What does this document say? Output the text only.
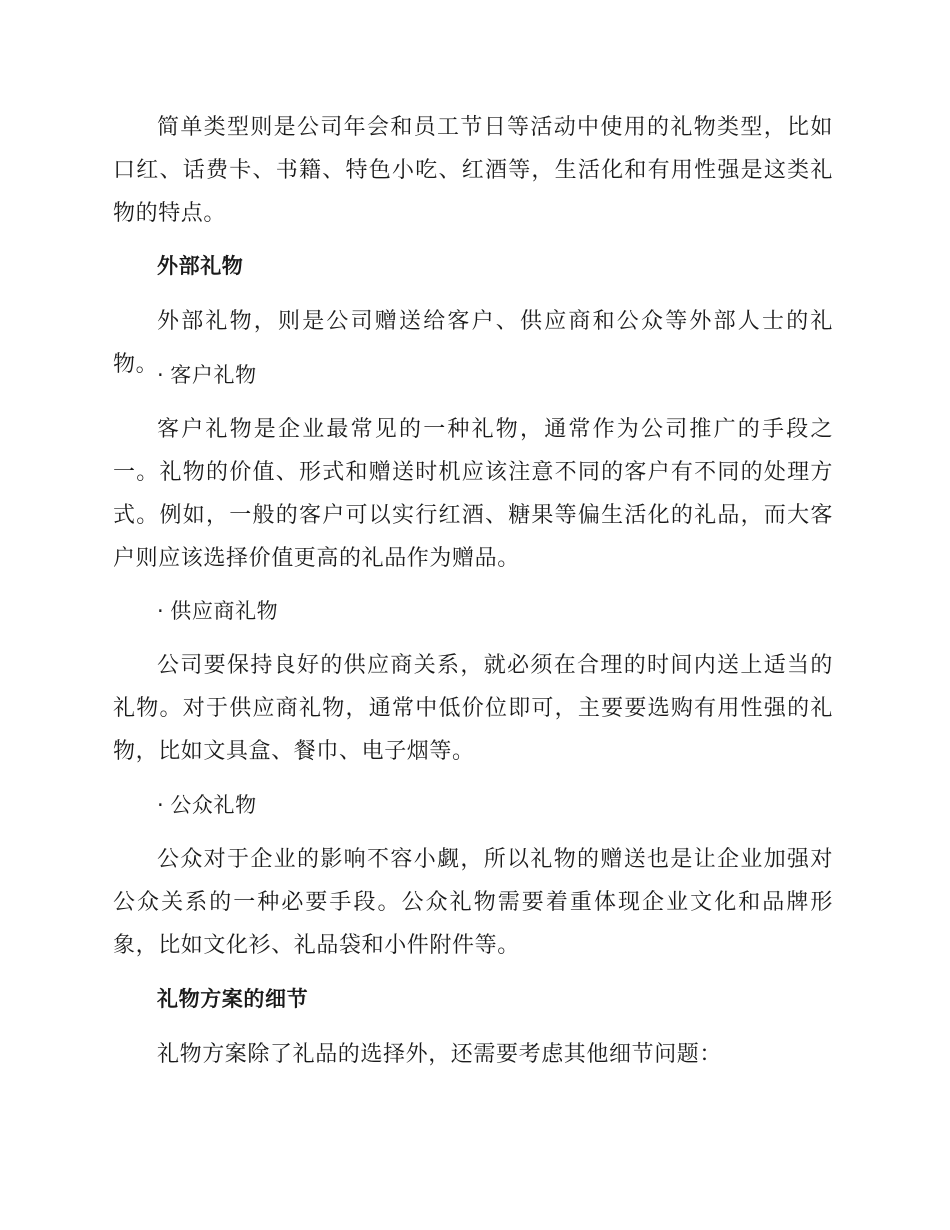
简单类型则是公司年会和员工节日等活动中使用的礼物类型，比如口红、话费卡、书籍、特色小吃、红酒等，生活化和有用性强是这类礼物的特点。
外部礼物
外部礼物，则是公司赠送给客户、供应商和公众等外部人士的礼物。
· 客户礼物
客户礼物是企业最常见的一种礼物，通常作为公司推广的手段之一。礼物的价值、形式和赠送时机应该注意不同的客户有不同的处理方式。例如，一般的客户可以实行红酒、糖果等偏生活化的礼品，而大客户则应该选择价值更高的礼品作为赠品。
· 供应商礼物
公司要保持良好的供应商关系，就必须在合理的时间内送上适当的礼物。对于供应商礼物，通常中低价位即可，主要要选购有用性强的礼物，比如文具盒、餐巾、电子烟等。
· 公众礼物
公众对于企业的影响不容小觑，所以礼物的赠送也是让企业加强对公众关系的一种必要手段。公众礼物需要着重体现企业文化和品牌形象，比如文化衫、礼品袋和小件附件等。
礼物方案的细节
礼物方案除了礼品的选择外，还需要考虑其他细节问题：
